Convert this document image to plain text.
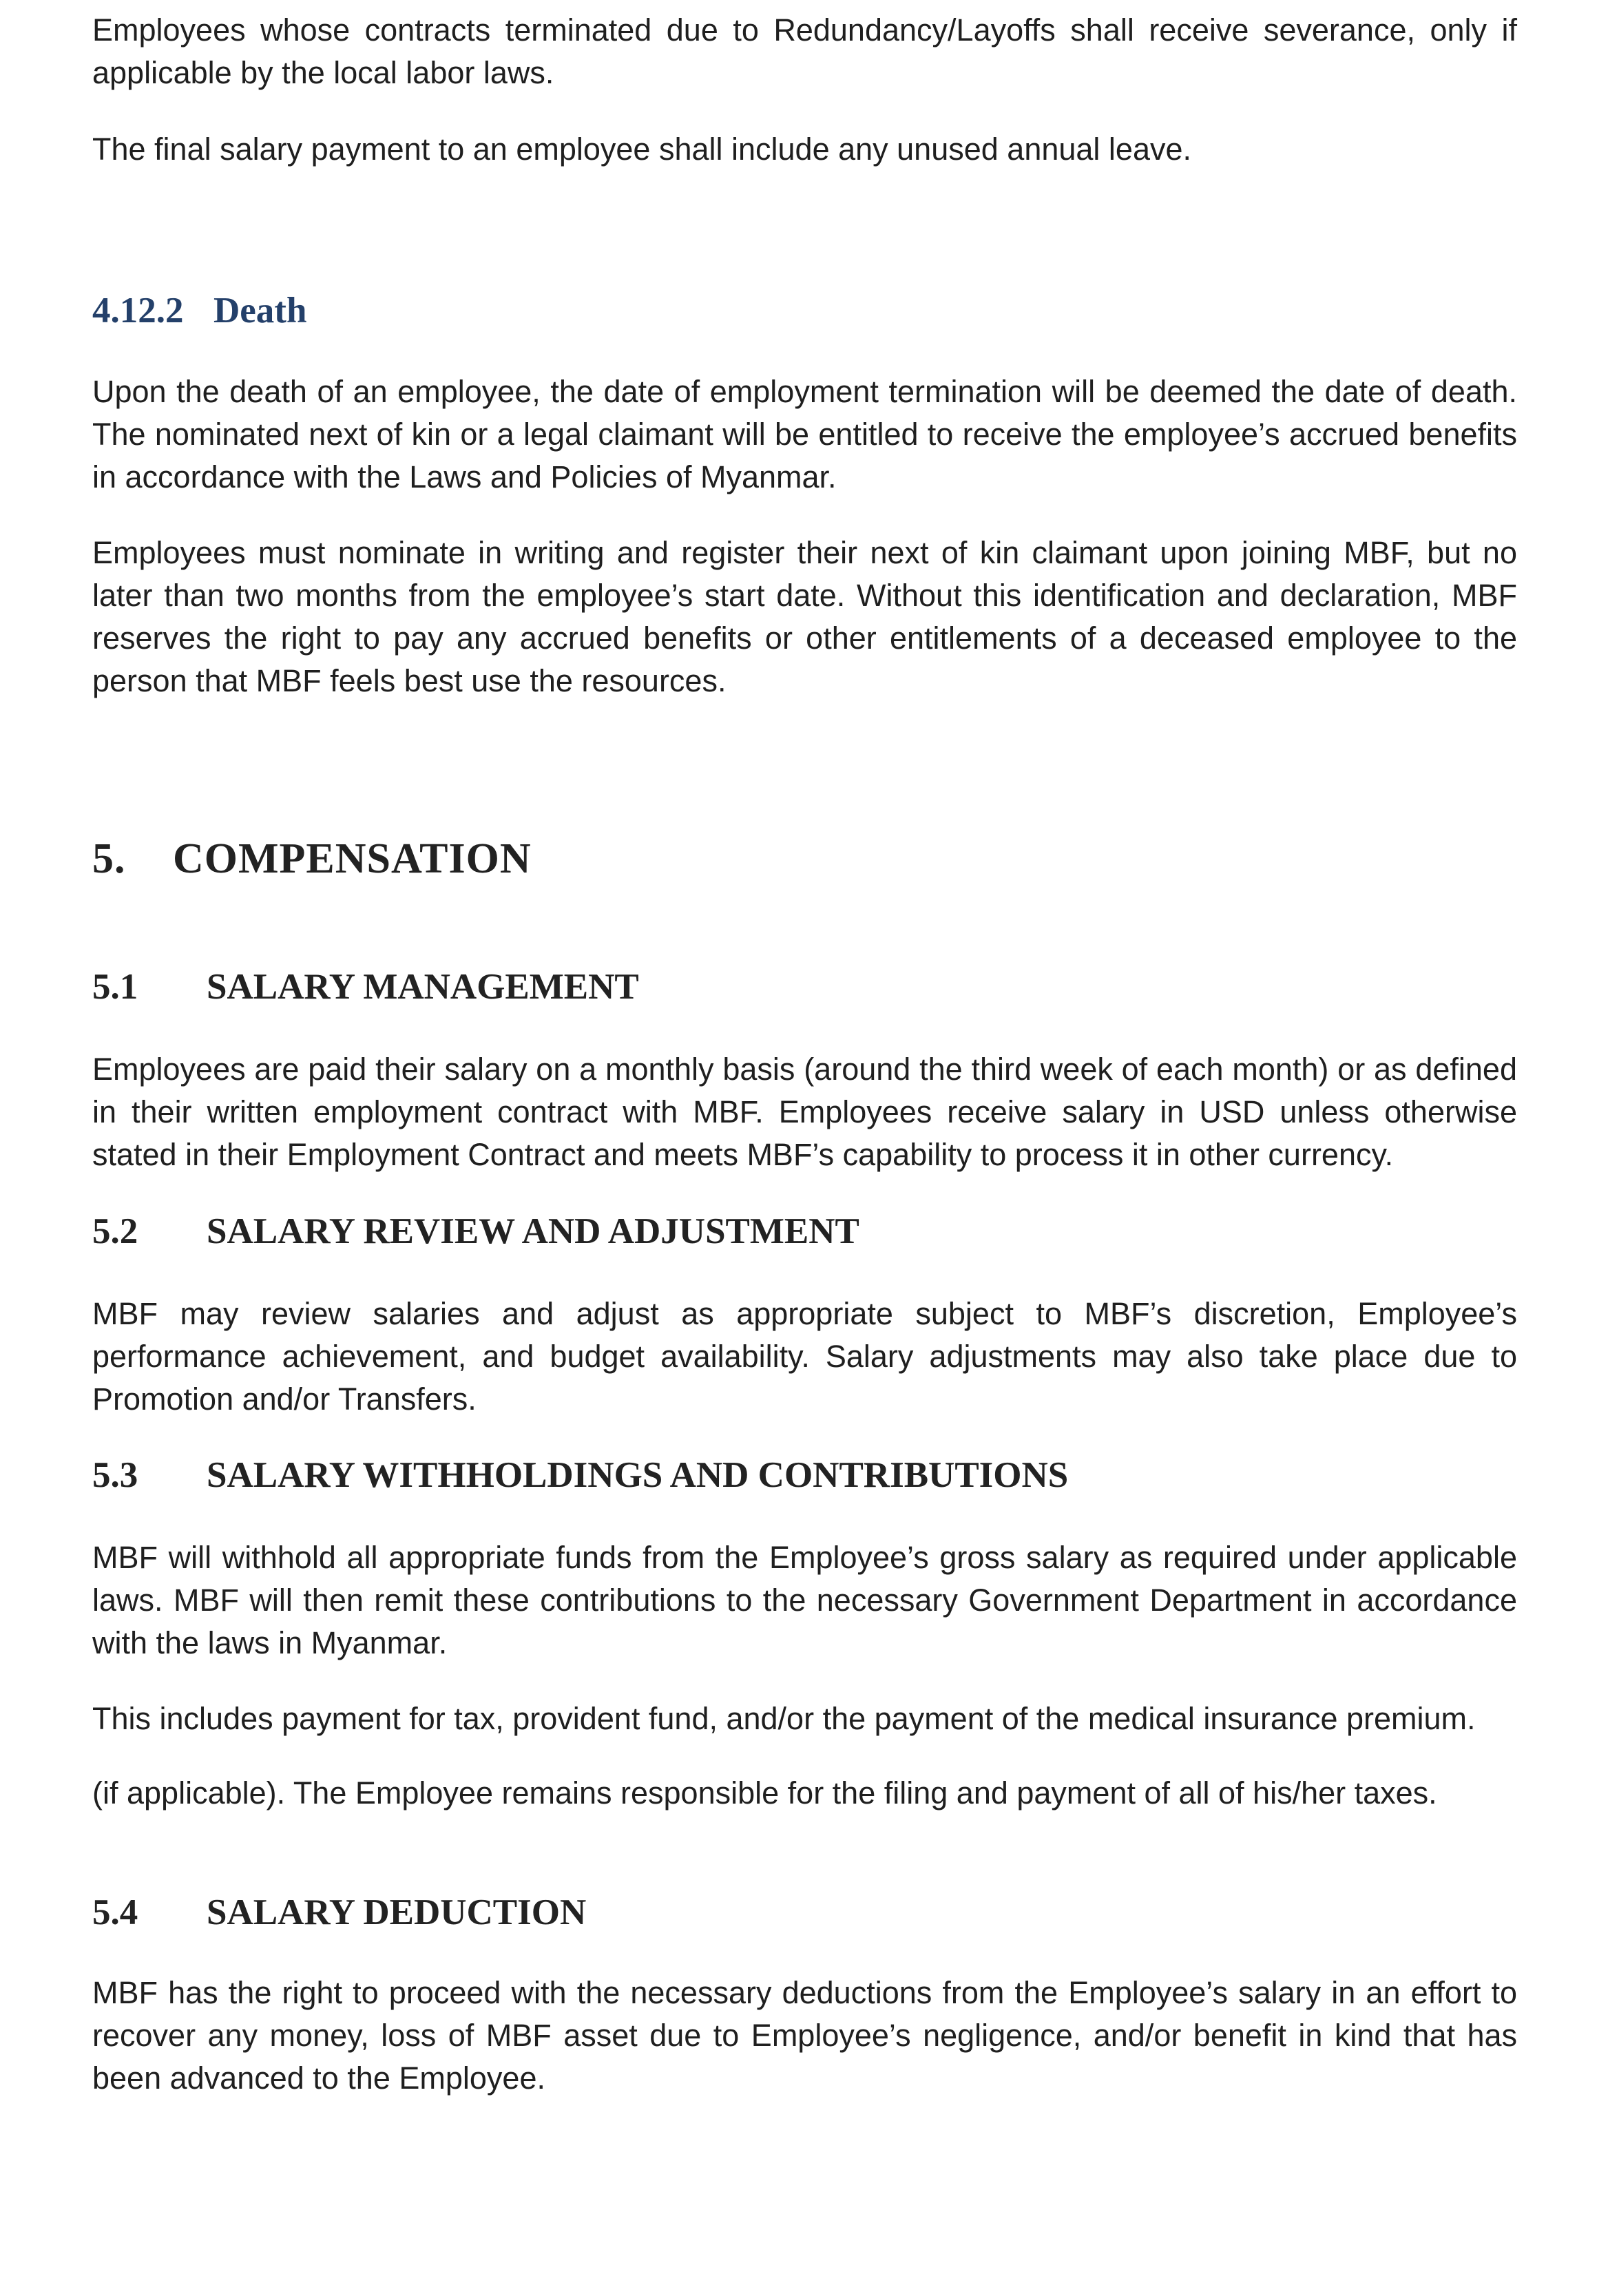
Employees whose contracts terminated due to Redundancy/Layoffs shall receive severance, only if applicable by the local labor laws.

The final salary payment to an employee shall include any unused annual leave.

4.12.2 Death

Upon the death of an employee, the date of employment termination will be deemed the date of death. The nominated next of kin or a legal claimant will be entitled to receive the employee’s accrued benefits in accordance with the Laws and Policies of Myanmar.

Employees must nominate in writing and register their next of kin claimant upon joining MBF, but no later than two months from the employee’s start date. Without this identification and declaration, MBF reserves the right to pay any accrued benefits or other entitlements of a deceased employee to the person that MBF feels best use the resources.

5. COMPENSATION
5.1 SALARY MANAGEMENT

Employees are paid their salary on a monthly basis (around the third week of each month) or as defined in their written employment contract with MBF. Employees receive salary in USD unless otherwise stated in their Employment Contract and meets MBF’s capability to process it in other currency.

5.2 SALARY REVIEW AND ADJUSTMENT

MBF may review salaries and adjust as appropriate subject to MBF’s discretion, Employee’s performance achievement, and budget availability. Salary adjustments may also take place due to Promotion and/or Transfers.

5.3 SALARY WITHHOLDINGS AND CONTRIBUTIONS

MBF will withhold all appropriate funds from the Employee’s gross salary as required under applicable laws. MBF will then remit these contributions to the necessary Government Department in accordance with the laws in Myanmar.

This includes payment for tax, provident fund, and/or the payment of the medical insurance premium.

(if applicable). The Employee remains responsible for the filing and payment of all of his/her taxes.

5.4 SALARY DEDUCTION

MBF has the right to proceed with the necessary deductions from the Employee’s salary in an effort to recover any money, loss of MBF asset due to Employee’s negligence, and/or benefit in kind that has been advanced to the Employee.
